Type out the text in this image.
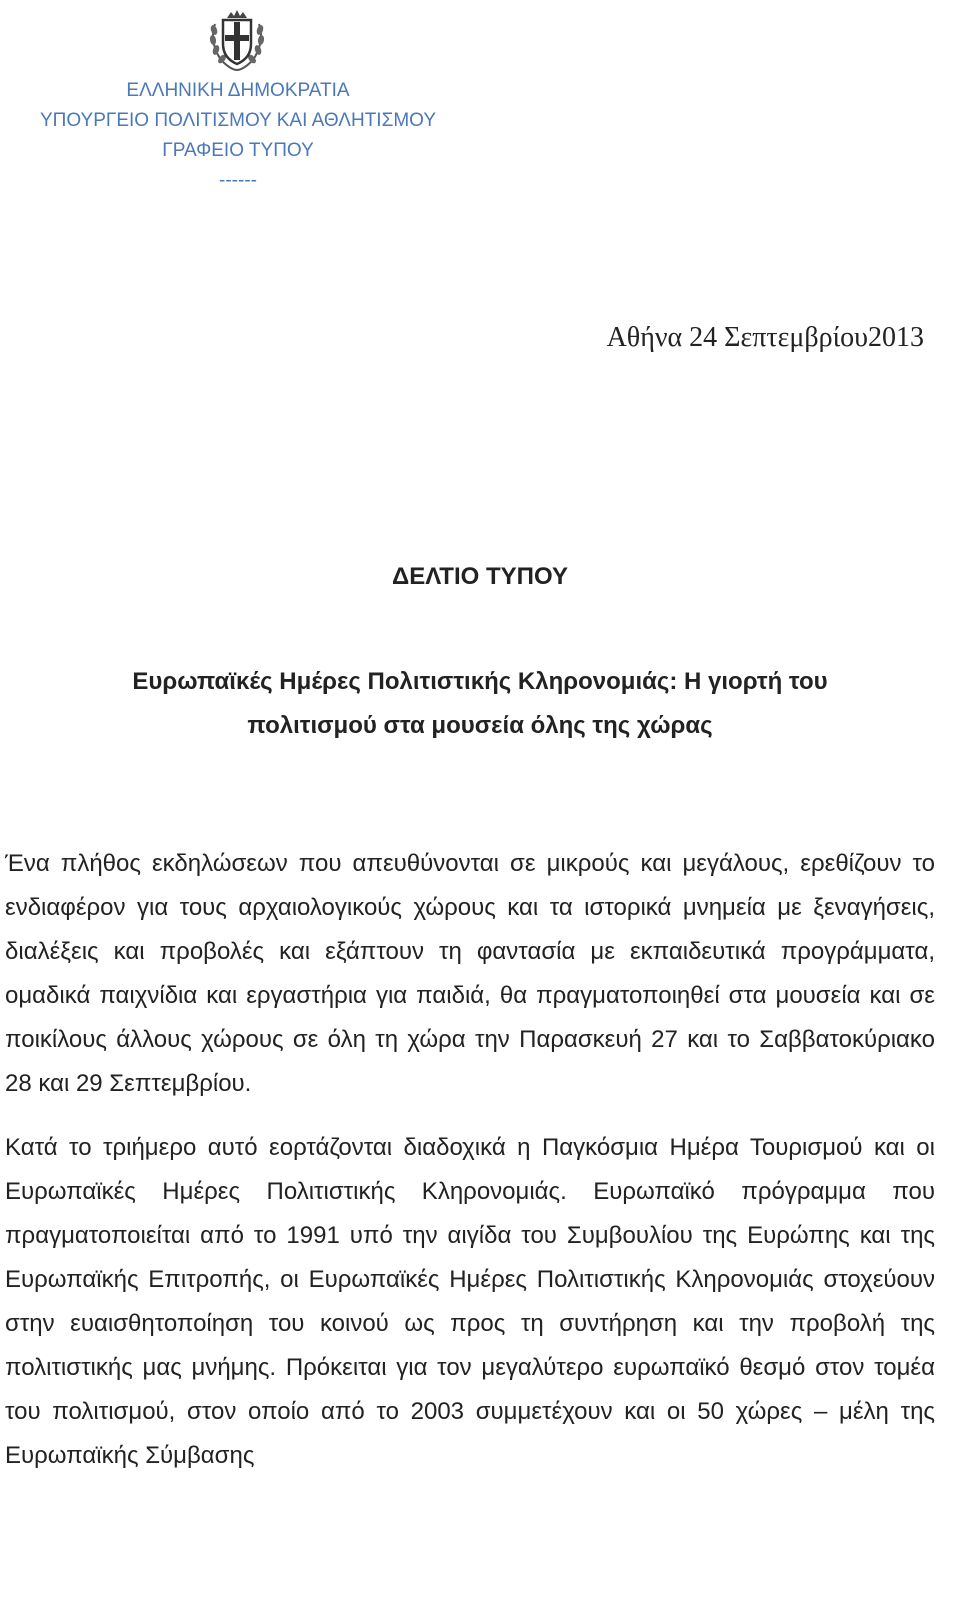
ΕΛΛΗΝΙΚΗ ΔΗΜΟΚΡΑΤΙΑ
ΥΠΟΥΡΓΕΙΟ ΠΟΛΙΤΙΣΜΟΥ ΚΑΙ ΑΘΛΗΤΙΣΜΟΥ
ΓΡΑΦΕΙΟ ΤΥΠΟΥ
------
Αθήνα 24 Σεπτεμβρίου2013
ΔΕΛΤΙΟ ΤΥΠΟΥ
Ευρωπαϊκές Ημέρες Πολιτιστικής Κληρονομιάς: Η γιορτή του
πολιτισμού στα μουσεία όλης της χώρας

Ένα πλήθος εκδηλώσεων που απευθύνονται σε μικρούς και μεγάλους, ερεθίζουν το ενδιαφέρον για τους αρχαιολογικούς χώρους και τα ιστορικά μνημεία με ξεναγήσεις, διαλέξεις και προβολές και εξάπτουν τη φαντασία με εκπαιδευτικά προγράμματα, ομαδικά παιχνίδια και εργαστήρια για παιδιά, θα πραγματοποιηθεί στα μουσεία και σε ποικίλους άλλους χώρους σε όλη τη χώρα την Παρασκευή 27 και το Σαββατοκύριακο 28 και 29 Σεπτεμβρίου.

Κατά το τριήμερο αυτό εορτάζονται διαδοχικά η Παγκόσμια Ημέρα Τουρισμού και οι Ευρωπαϊκές Ημέρες Πολιτιστικής Κληρονομιάς. Ευρωπαϊκό πρόγραμμα που πραγματοποιείται από το 1991 υπό την αιγίδα του Συμβουλίου της Ευρώπης και της Ευρωπαϊκής Επιτροπής, οι Ευρωπαϊκές Ημέρες Πολιτιστικής Κληρονομιάς στοχεύουν στην ευαισθητοποίηση του κοινού ως προς τη συντήρηση και την προβολή της πολιτιστικής μας μνήμης. Πρόκειται για τον μεγαλύτερο ευρωπαϊκό θεσμό στον τομέα του πολιτισμού, στον οποίο από το 2003 συμμετέχουν και οι 50 χώρες – μέλη της Ευρωπαϊκής Σύμβασης
